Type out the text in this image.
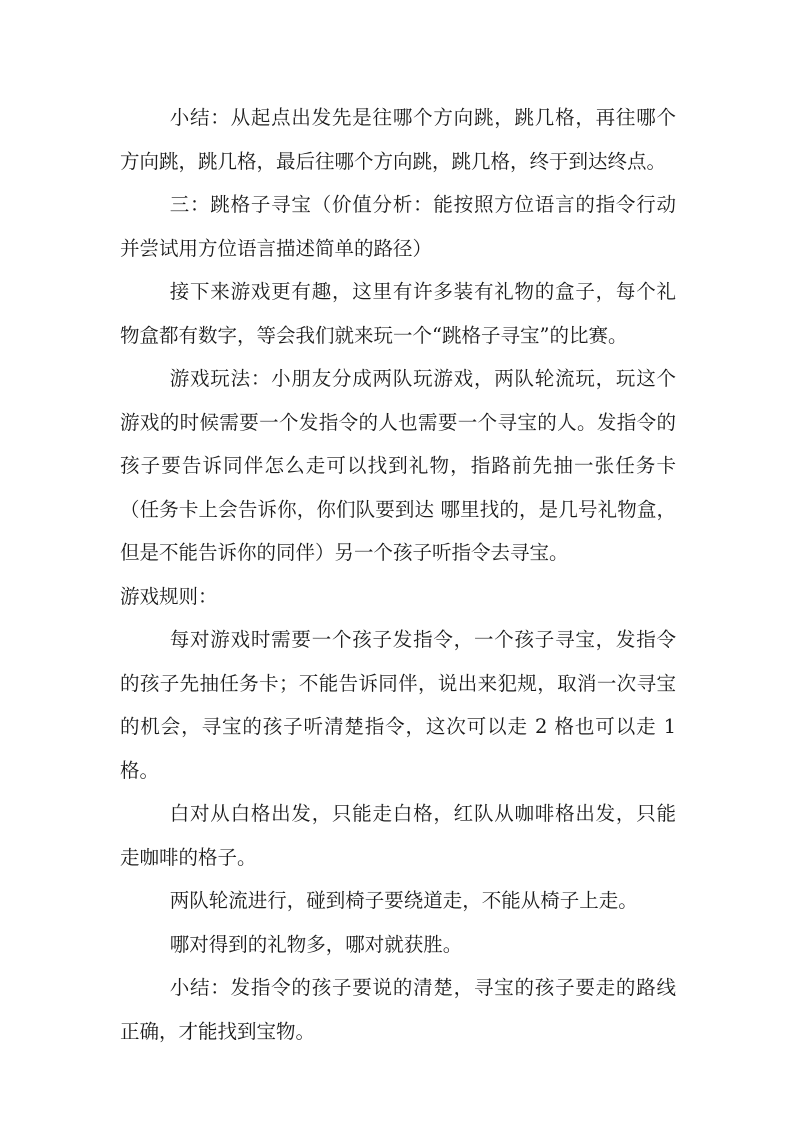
小结：从起点出发先是往哪个方向跳，跳几格，再往哪个方向跳，跳几格，最后往哪个方向跳，跳几格，终于到达终点。

三：跳格子寻宝（价值分析：能按照方位语言的指令行动并尝试用方位语言描述简单的路径）

接下来游戏更有趣，这里有许多装有礼物的盒子，每个礼物盒都有数字，等会我们就来玩一个“跳格子寻宝”的比赛。

游戏玩法：小朋友分成两队玩游戏，两队轮流玩，玩这个游戏的时候需要一个发指令的人也需要一个寻宝的人。发指令的孩子要告诉同伴怎么走可以找到礼物，指路前先抽一张任务卡（任务卡上会告诉你，你们队要到达 哪里找的，是几号礼物盒，但是不能告诉你的同伴）另一个孩子听指令去寻宝。

游戏规则：

每对游戏时需要一个孩子发指令，一个孩子寻宝，发指令的孩子先抽任务卡；不能告诉同伴，说出来犯规，取消一次寻宝的机会，寻宝的孩子听清楚指令，这次可以走 2 格也可以走 1 格。

白对从白格出发，只能走白格，红队从咖啡格出发，只能走咖啡的格子。

两队轮流进行，碰到椅子要绕道走，不能从椅子上走。

哪对得到的礼物多，哪对就获胜。

小结：发指令的孩子要说的清楚，寻宝的孩子要走的路线正确，才能找到宝物。
